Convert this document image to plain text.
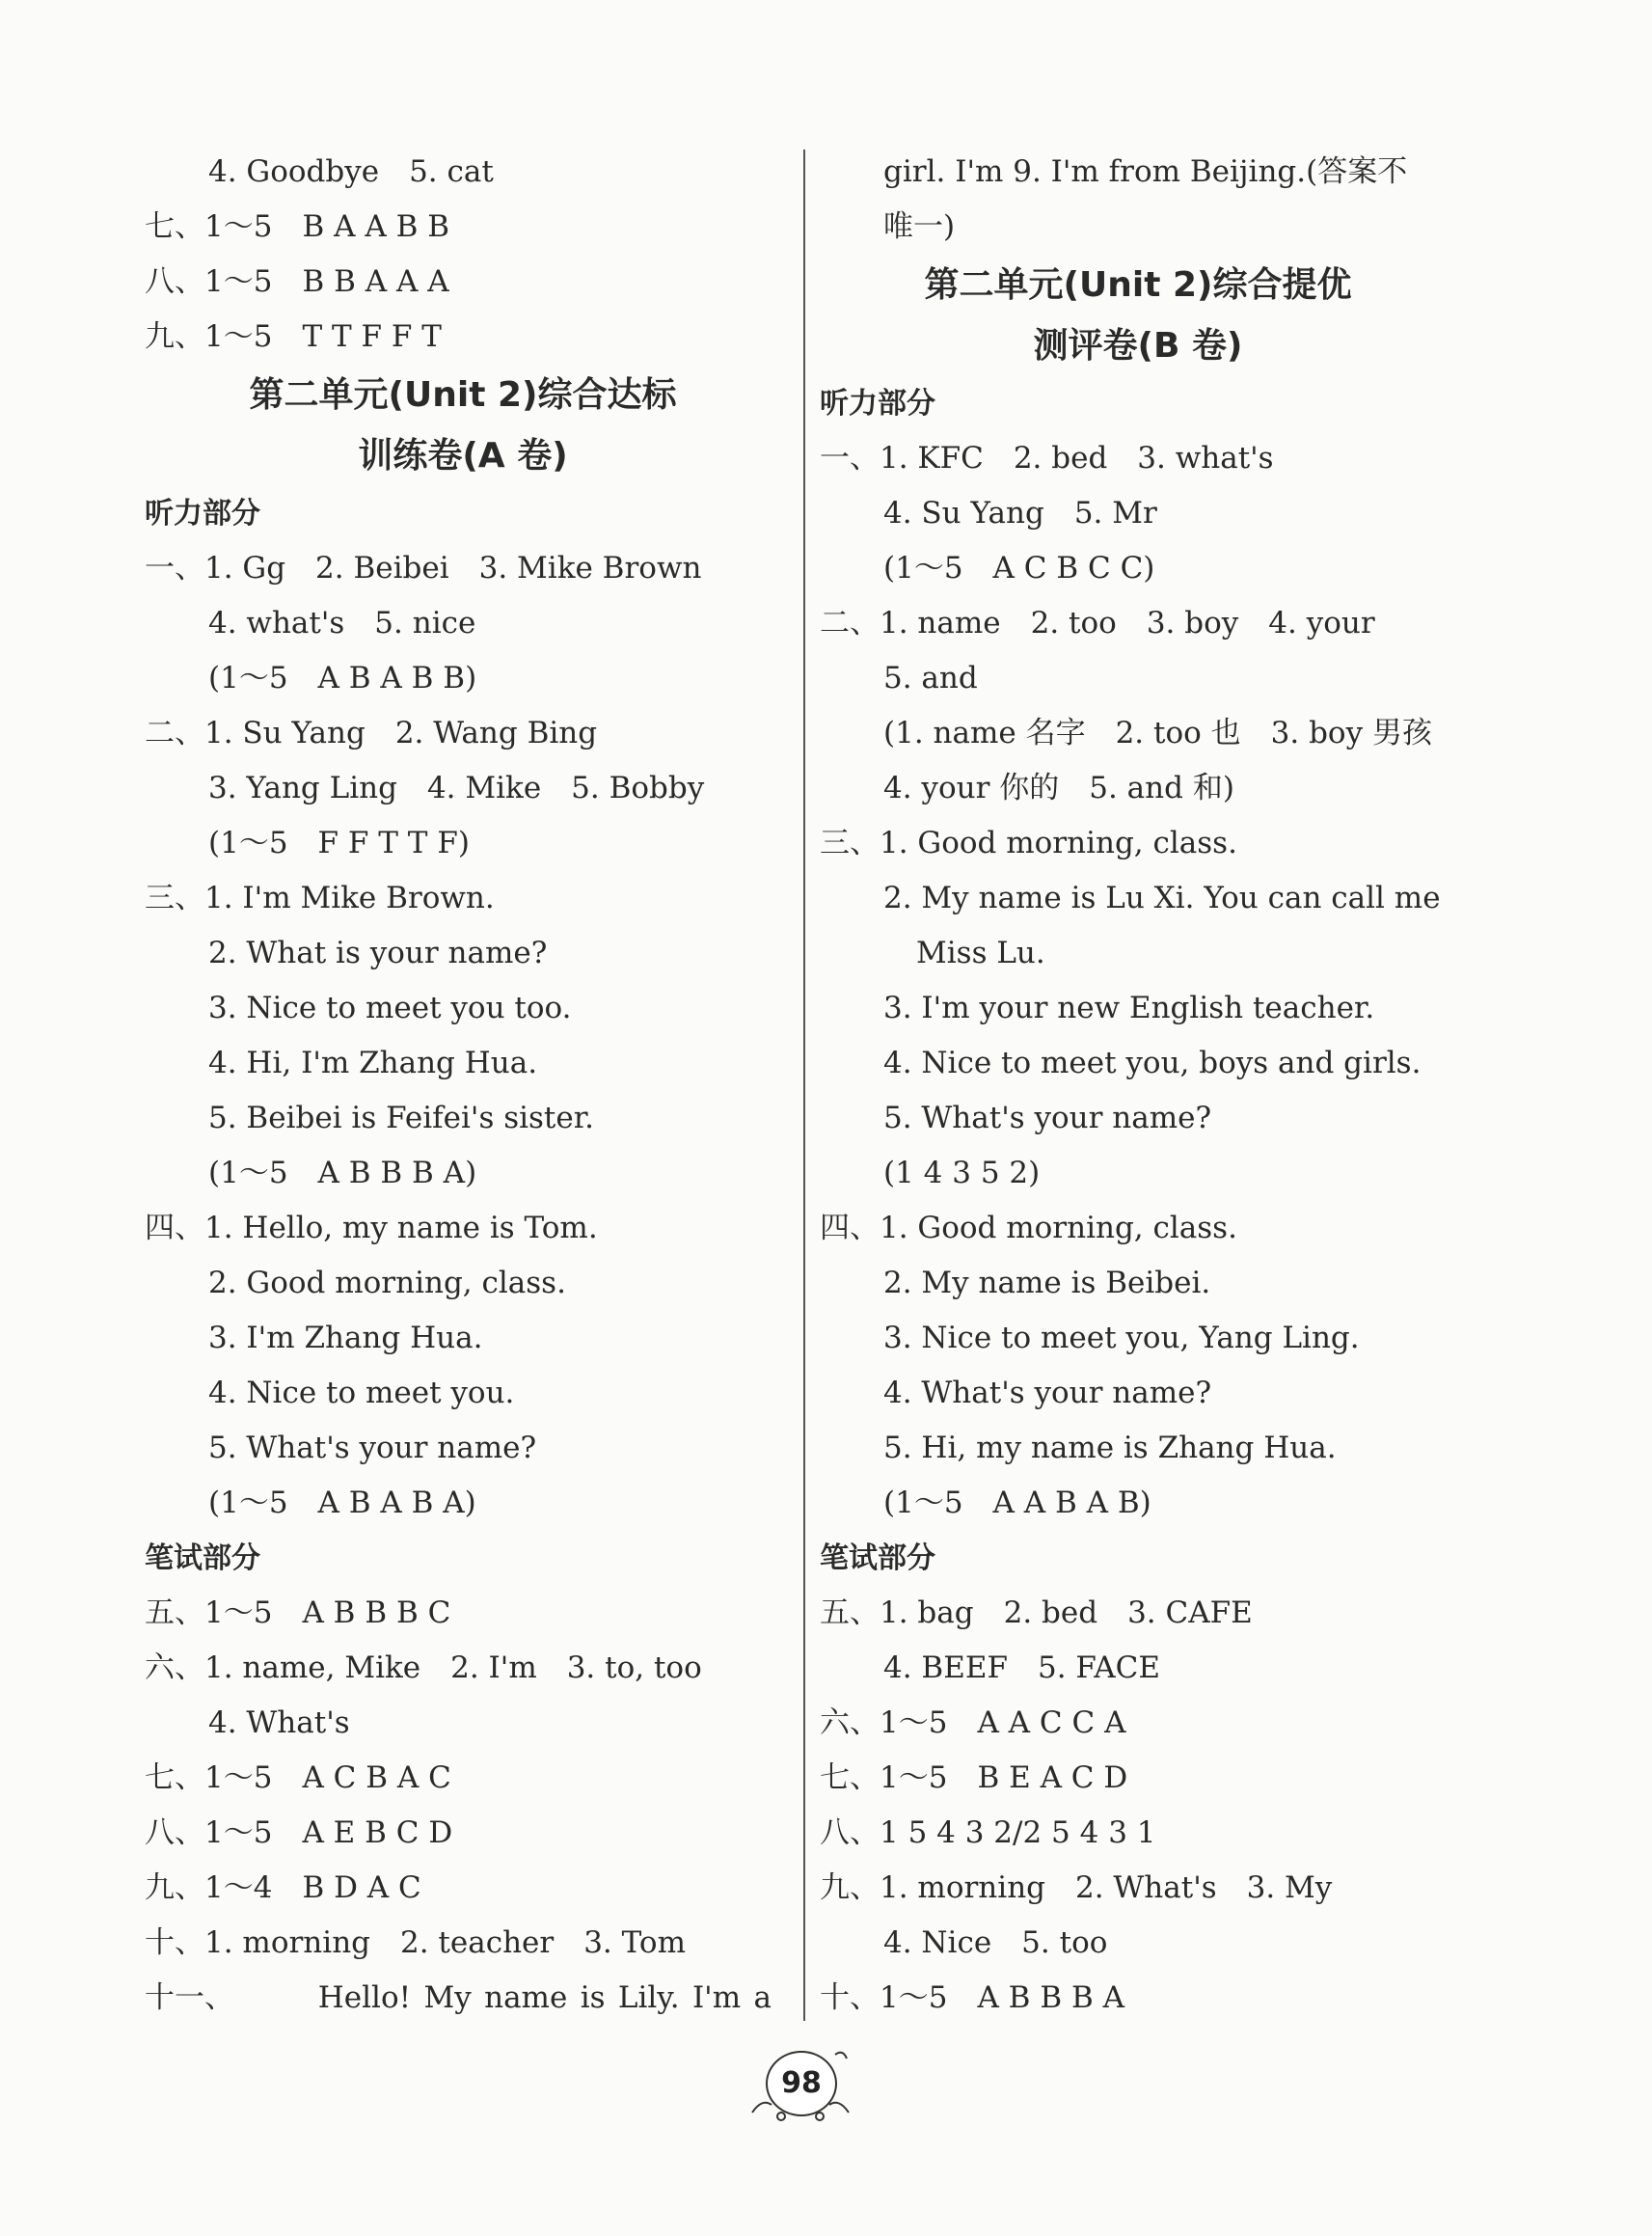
4. Goodbye　5. cat
七、1～5　B A A B B
八、1～5　B B A A A
九、1～5　T T F F T
第二单元(Unit 2)综合达标
训练卷(A 卷)
听力部分
一、1. Gg　2. Beibei　3. Mike Brown
4. what's　5. nice
(1～5　A B A B B)
二、1. Su Yang　2. Wang Bing
3. Yang Ling　4. Mike　5. Bobby
(1～5　F F T T F)
三、1. I'm Mike Brown.
2. What is your name?
3. Nice to meet you too.
4. Hi, I'm Zhang Hua.
5. Beibei is Feifei's sister.
(1～5　A B B B A)
四、1. Hello, my name is Tom.
2. Good morning, class.
3. I'm Zhang Hua.
4. Nice to meet you.
5. What's your name?
(1～5　A B A B A)
笔试部分
五、1～5　A B B B C
六、1. name, Mike　2. I'm　3. to, too
4. What's
七、1～5　A C B A C
八、1～5　A E B C D
九、1～4　B D A C
十、1. morning　2. teacher　3. Tom
十一、	Hello! My name is Lily. I'm a
girl. I'm 9. I'm from Beijing.(答案不
唯一)
第二单元(Unit 2)综合提优
测评卷(B 卷)
听力部分
一、1. KFC　2. bed　3. what's
4. Su Yang　5. Mr
(1～5　A C B C C)
二、1. name　2. too　3. boy　4. your
5. and
(1. name 名字　2. too 也　3. boy 男孩
4. your 你的　5. and 和)
三、1. Good morning, class.
2. My name is Lu Xi. You can call me
Miss Lu.
3. I'm your new English teacher.
4. Nice to meet you, boys and girls.
5. What's your name?
(1 4 3 5 2)
四、1. Good morning, class.
2. My name is Beibei.
3. Nice to meet you, Yang Ling.
4. What's your name?
5. Hi, my name is Zhang Hua.
(1～5　A A B A B)
笔试部分
五、1. bag　2. bed　3. CAFE
4. BEEF　5. FACE
六、1～5　A A C C A
七、1～5　B E A C D
八、1 5 4 3 2/2 5 4 3 1
九、1. morning　2. What's　3. My
4. Nice　5. too
十、1～5　A B B B A
98
